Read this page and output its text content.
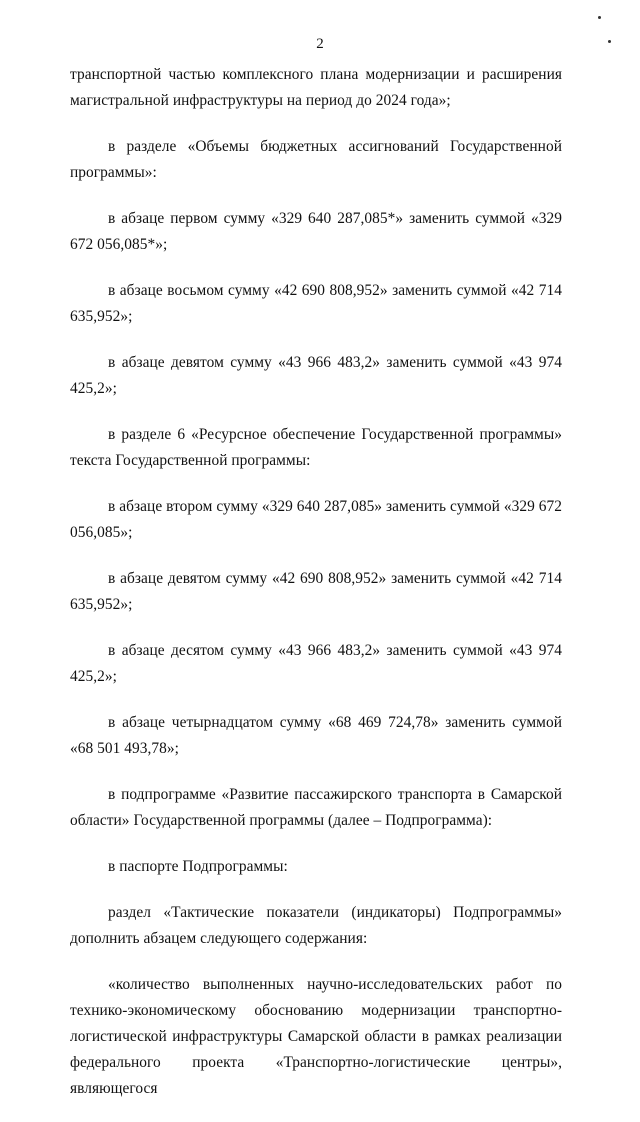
2

транспортной частью комплексного плана модернизации и расширения магистральной инфраструктуры на период до 2024 года»;

в разделе «Объемы бюджетных ассигнований Государственной программы»:

в абзаце первом сумму «329 640 287,085*» заменить суммой «329 672 056,085*»;

в абзаце восьмом сумму «42 690 808,952» заменить суммой «42 714 635,952»;

в абзаце девятом сумму «43 966 483,2» заменить суммой «43 974 425,2»;

в разделе 6 «Ресурсное обеспечение Государственной программы» текста Государственной программы:

в абзаце втором сумму «329 640 287,085» заменить суммой «329 672 056,085»;

в абзаце девятом сумму «42 690 808,952» заменить суммой «42 714 635,952»;

в абзаце десятом сумму «43 966 483,2» заменить суммой «43 974 425,2»;

в абзаце четырнадцатом сумму «68 469 724,78» заменить суммой «68 501 493,78»;

в подпрограмме «Развитие пассажирского транспорта в Самарской области» Государственной программы (далее – Подпрограмма):

в паспорте Подпрограммы:

раздел «Тактические показатели (индикаторы) Подпрограммы» дополнить абзацем следующего содержания:

«количество выполненных научно-исследовательских работ по технико-экономическому обоснованию модернизации транспортно-логистической инфраструктуры Самарской области в рамках реализации федерального проекта «Транспортно-логистические центры», являющегося
